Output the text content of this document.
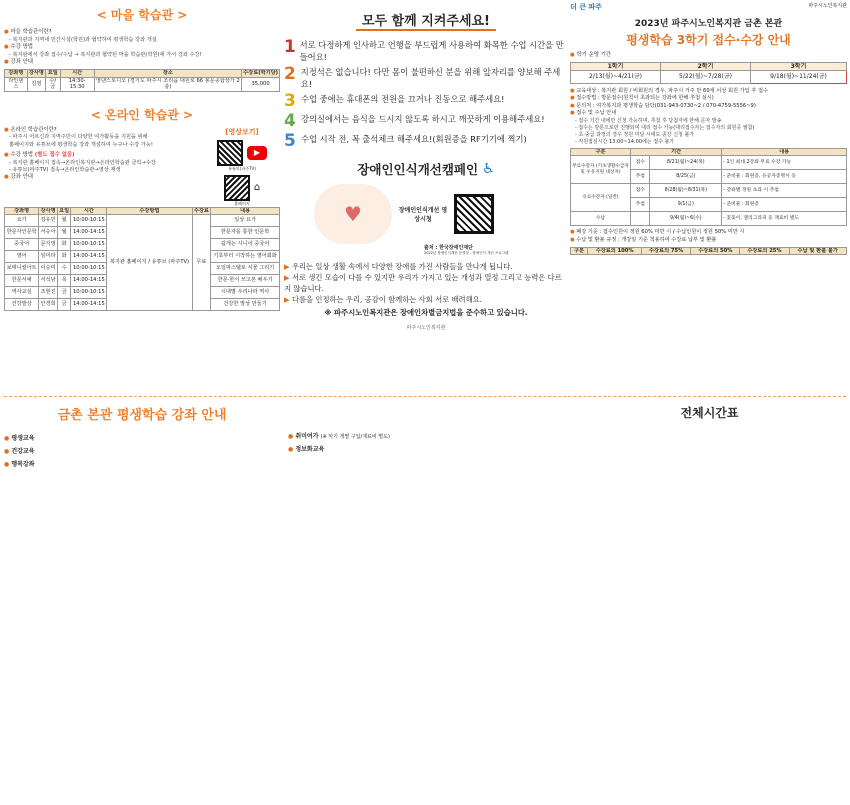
< 마을 학습관 >
● 마을 학습관이란?
- 복지관과 지역내 민간시설(학원)과 협약하여 평생학습 강좌 개설
● 수강 방법
- 복지관에서 강좌 접수/수납 → 복지관과 협약된 마을 학습관(학원)에 가서 강좌 수강!
● 강좌 안내
강좌명	강사명	요일	시간	장소	수강료(학기당)
라인댄스	김영	수/금	14:30-15:30	영댄스토디오 (경기도 파주시 조리읍 대원로 66 봉운종합상가 2층)	35,000
< 온라인 학습관 >
[영상보기]
▶
유튜브(파주TV)
⌂
홈페이지
● 온라인 학습관이란?
- 파주시 어르신과 지역주민이 다양한 여가활동을 지원을 위해
홈페이지와 유튜브에 평생학습 강좌 개설하여 누구나 수강 가능!
● 수강 방법 (별도 접수 없음)
- 복지관 홈페이지 접속→온라인복지관→온라인학습관 클릭→수강
- 유튜브(파주TV) 접속→온라인학습관→영상 재생
● 강좌 안내
강좌명	강사명	요일	시간	수강방법	수강료	내용
요가	김유민	월	10:00-10:15	복지관 홈페이지 / 유튜브 (파주TV)	무료	일상 요가
한문자인문학	서승아	월	14:00-14:15			한문자를 통한 인문학
중국어	문지영	화	10:00-10:15			쉽게는 시니어 중국어
영어	임미라	화	14:00-14:15			기초부터 시작하는 영어회화
보태니컬아트	이승미	수	10:00-10:15			오일파스텔로 식물 그리기
한문서예	서석남	목	14:00-14:15			한문·한서 쓰고본 배우기
역사교실	조현진	금	10:00-10:15			시대별 우리나라 역사
건강발상	안경희	금	14:00-14:15			건강한 발상 만들기
모두 함께 지켜주세요!
1 서로 다정하게 인사하고 언행을 부드럽게 사용하여 화목한 수업 시간을 만들어요!
2 지정석은 없습니다! 다만 몸이 불편하신 분을 위해 앞자리를 양보해 주세요!
3 수업 중에는 휴대폰의 전원을 끄거나 진동으로 해주세요!
4 강의실에서는 음식을 드시지 않도록 하시고 깨끗하게 이용해주세요!
5 수업 시작 전, 꼭 출석체크 해주세요!(회원증을 RF기기에 찍기)
장애인인식개선캠페인 ♿
♥	장애인인식개선 영상시청
출처 : 한국장애인재단
2022년 장애인식개선 동영상 - 장애인식 개선 프로그램
▶ 우리는 일상 생활 속에서 다양한 장애를 가진 사람들을 만나게 됩니다.
▶ 서로 생긴 모습이 다를 수 있지만 우리가 가지고 있는 개성과 열정 그리고 능력은 다르지 않습니다.
▶ 다름을 인정하는 우리, 공감이 함께하는 사회 서로 배려해요.
※ 파주시노인복지관은 장애인차별금지법을 준수하고 있습니다.
파주시노인복지관
더 큰 파주	파주시노인복지관
2023년 파주시노인복지관 금촌 본관
평생학습 3학기 접수·수강 안내
● 학기 운영 기간
1학기	2학기	3학기
2/13(월)~4/21(금)	5/22(월)~7/28(금)	9/18(월)~11/24(금)
● 교육대상 : 복지관 회원 / 비회원의 경우, 파주시 거주 만 60세 이상 회원 가입 후 접수
● 접수방법 : 방문접수(원칙이 초과되는 강좌에 한해 추첨 실시)
● 문의처 : 여가복지과 평생학습 담당(031-943-0730~2 / 070-4759-5556~9)
● 접수 및 수납 안내
- 접수 기간 내에만 신청 가능하며, 추첨 후 당첨자에 한해 문자 발송
- 접수는 방문으로만 진행되며 대리 접수 가능(대리접수자는 접수자의 회원증 필참)
- 초·중급 과정의 경우 정원 미달 시에도 종강 신청 불가
- 직원접심시간 13:00~14:00에는 접수 불가
구분	기간		내용
무료수강자 (기초생활수급자 및 우유지원 대상자)	접수	8/21(월)~24(목)	- 1인 최대 2강좌 무료 수강 가능
	추첨	8/25(금)	- 준비물 : 회원증, 유공자증명서 등
유료수강자 (일반)	접수	8/28(월)~8/31(목)	- 강좌별 정원 초과 시 추첨
	추첨	9/1(금)	- 준비물 : 회원증
수납		9/4(월)~6(수)	- 꽃꽂이, 캘리그라피 등 재료비 별도
● 폐강 기준 : 접수인원이 정원 60% 미만 시 / 수납인원이 정원 50% 미만 시
● 수납 및 환불 규정 : 개강일 기준 적용하여 수강료 납부 및 환불
구분	수강료의 100%	수강료의 75%	수강료의 50%	수강료의 25%	수납 및 환불 불가
금촌 본관 평생학습 강좌 안내
● 평생교육
● 건강교육
● 행복강좌
● 취미여가 (※ 악기 개별 구입/재료비 별도)
● 정보화교육
전체시간표
